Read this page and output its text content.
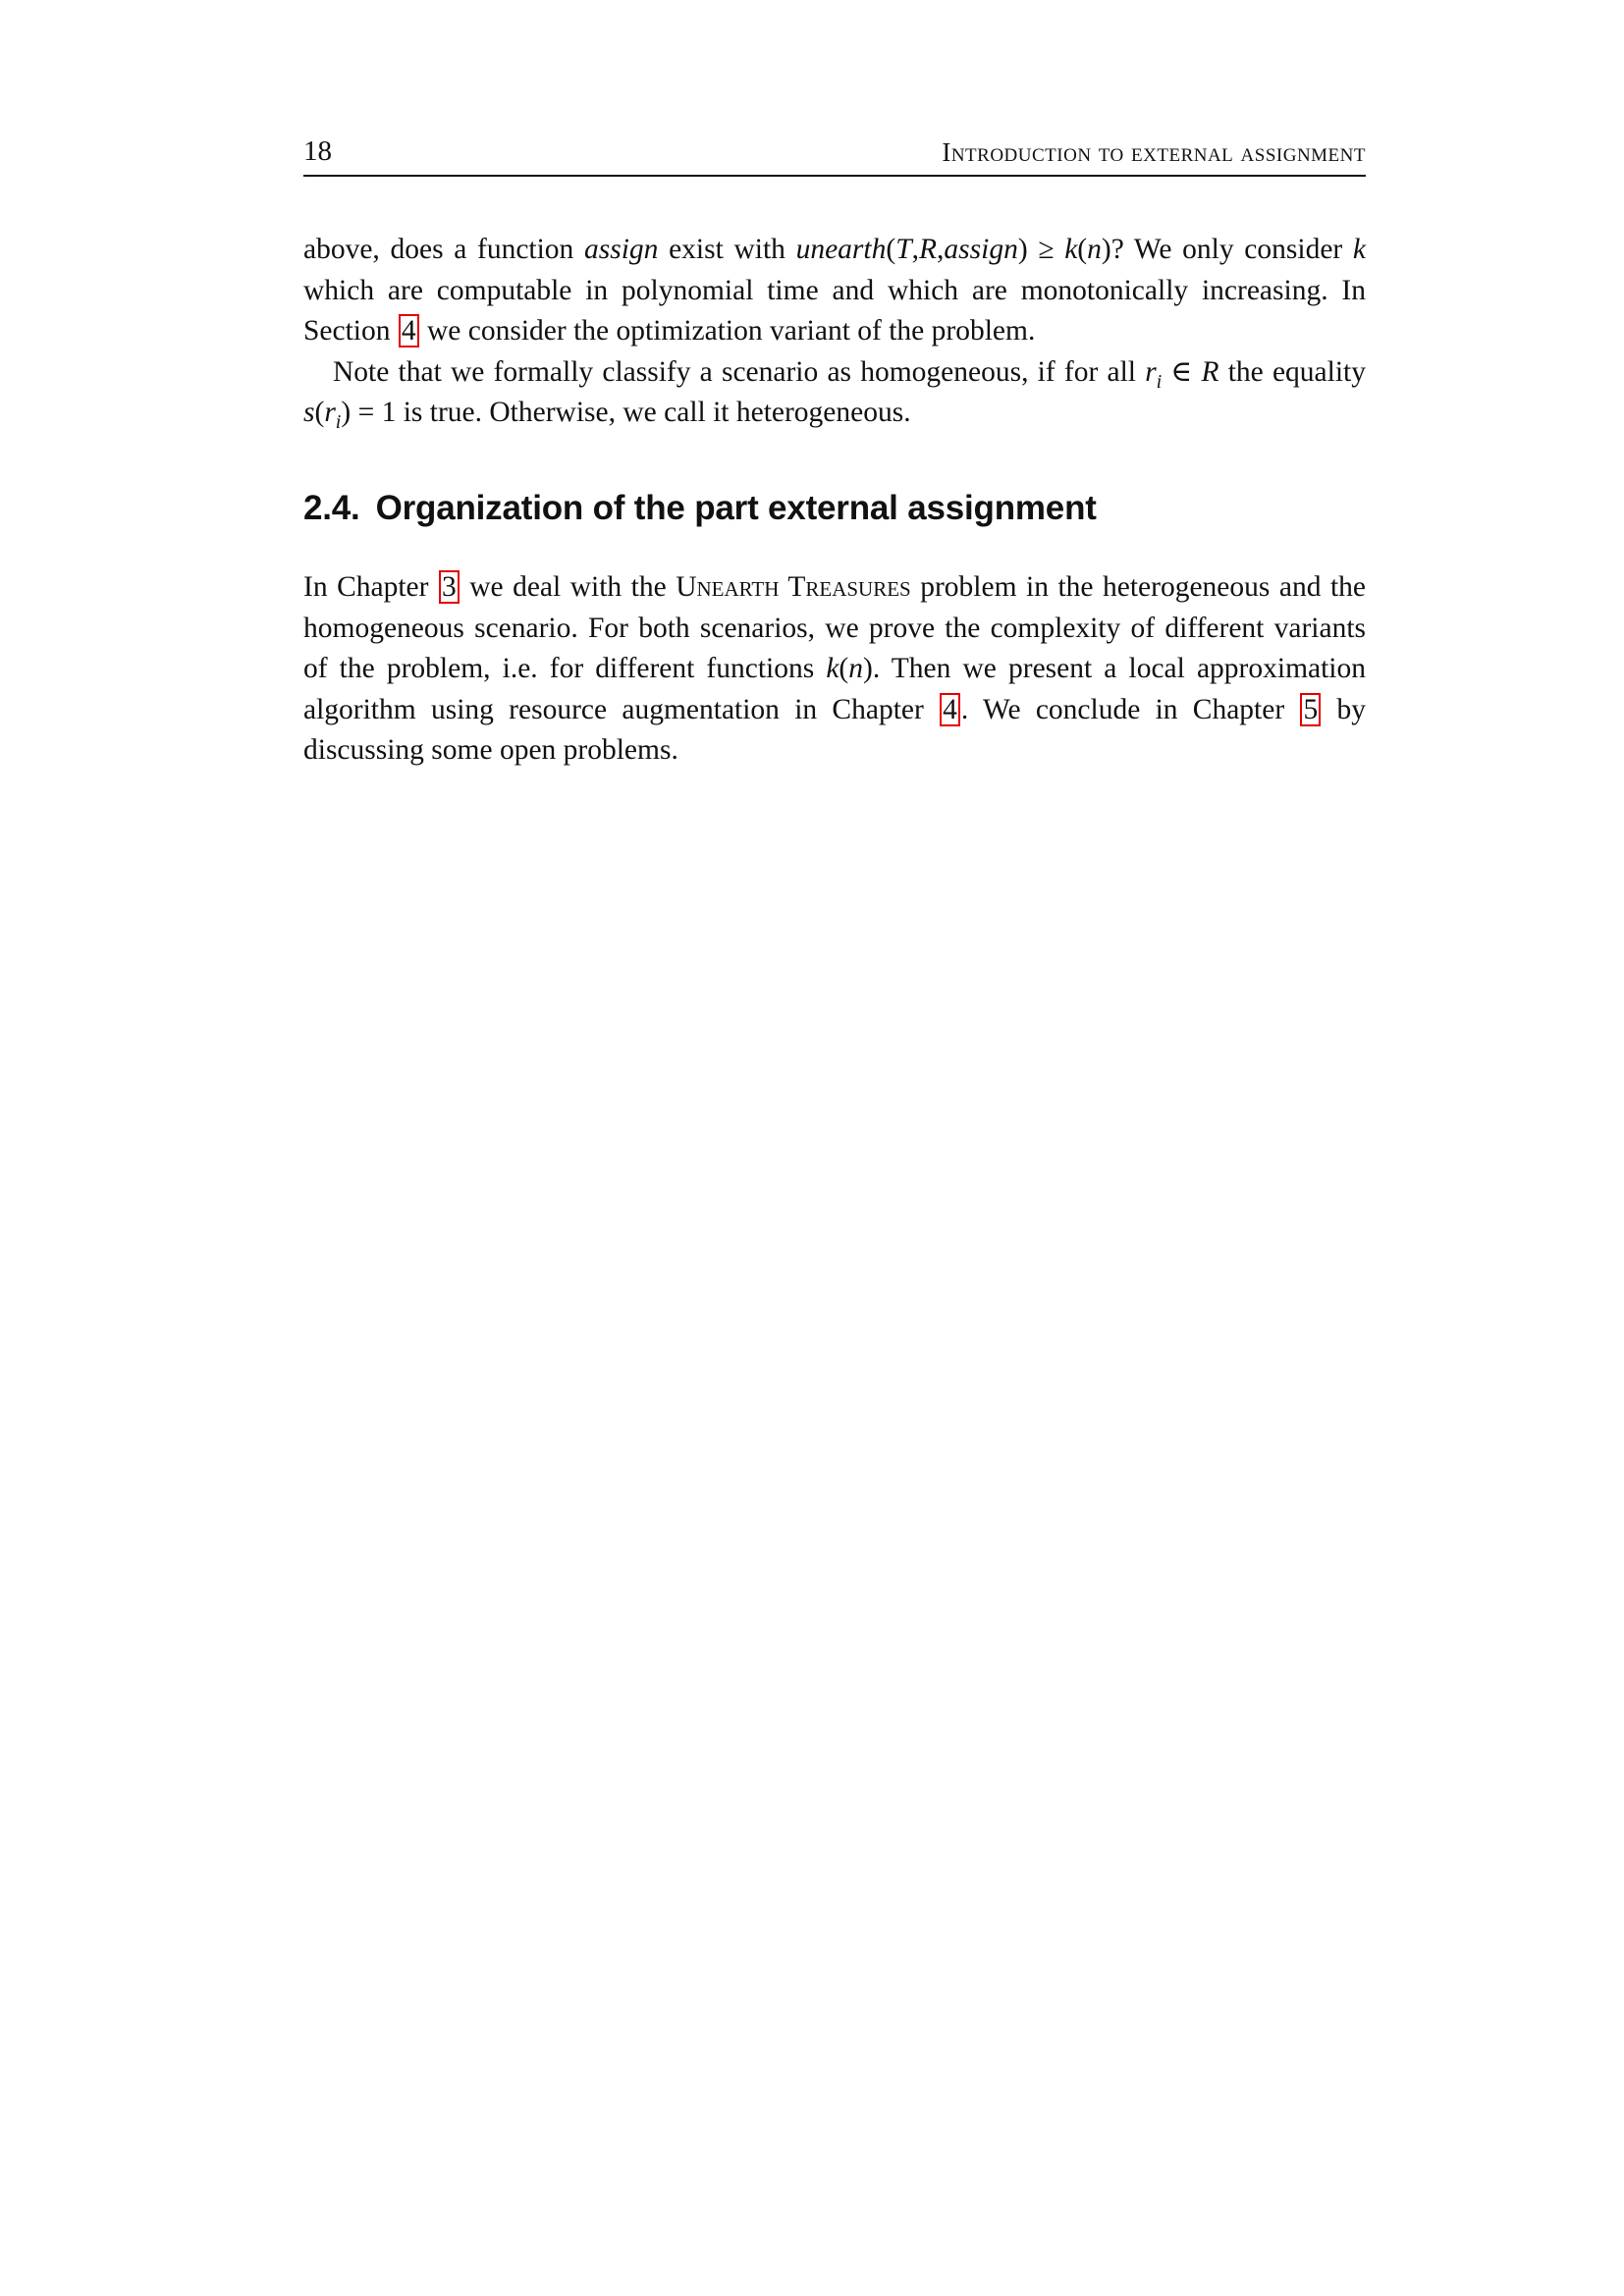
18	Introduction to external assignment

above, does a function assign exist with unearth(T,R,assign) ≥ k(n)? We only consider k which are computable in polynomial time and which are monotonically increasing. In Section 4 we consider the optimization variant of the problem.

Note that we formally classify a scenario as homogeneous, if for all $r_i$ ∈ R the equality $s(r_i) = 1$ is true. Otherwise, we call it heterogeneous.

2.4. Organization of the part external assignment

In Chapter 3 we deal with the Unearth Treasures problem in the heterogeneous and the homogeneous scenario. For both scenarios, we prove the complexity of different variants of the problem, i.e. for different functions k(n). Then we present a local approximation algorithm using resource augmentation in Chapter 4 . We conclude in Chapter 5 by discussing some open problems.
